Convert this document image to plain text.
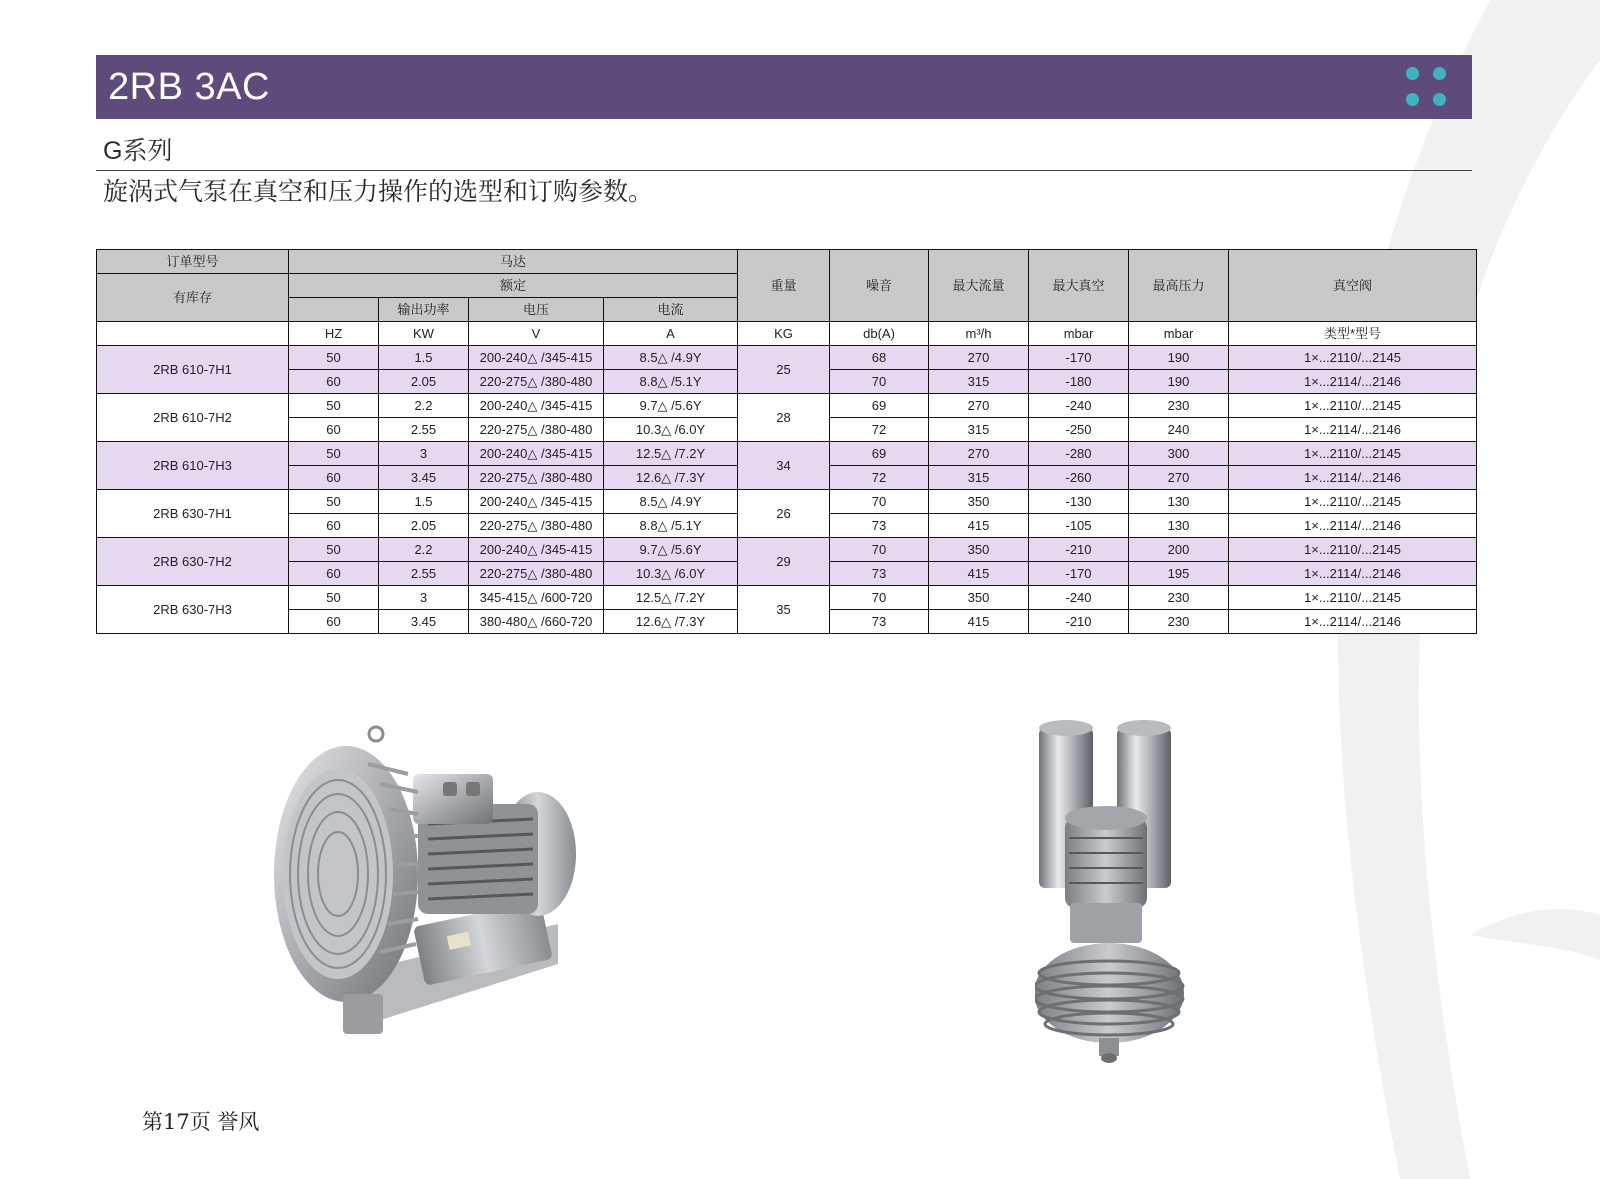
2RB 3AC
G系列
旋涡式气泵在真空和压力操作的选型和订购参数。
订单型号	马达				重量	噪音	最大流量	最大真空	最高压力	真空阀
有库存	额定									
		输出功率	电压	电流						
	HZ	KW	V	A	KG	db(A)	m³/h	mbar	mbar	类型*型号
2RB 610-7H1	50	1.5	200-240△ /345-415	8.5△ /4.9Y	25	68	270	-170	190	1×...2110/...2145
	60	2.05	220-275△ /380-480	8.8△ /5.1Y		70	315	-180	190	1×...2114/...2146
2RB 610-7H2	50	2.2	200-240△ /345-415	9.7△ /5.6Y	28	69	270	-240	230	1×...2110/...2145
	60	2.55	220-275△ /380-480	10.3△ /6.0Y		72	315	-250	240	1×...2114/...2146
2RB 610-7H3	50	3	200-240△ /345-415	12.5△ /7.2Y	34	69	270	-280	300	1×...2110/...2145
	60	3.45	220-275△ /380-480	12.6△ /7.3Y		72	315	-260	270	1×...2114/...2146
2RB 630-7H1	50	1.5	200-240△ /345-415	8.5△ /4.9Y	26	70	350	-130	130	1×...2110/...2145
	60	2.05	220-275△ /380-480	8.8△ /5.1Y		73	415	-105	130	1×...2114/...2146
2RB 630-7H2	50	2.2	200-240△ /345-415	9.7△ /5.6Y	29	70	350	-210	200	1×...2110/...2145
	60	2.55	220-275△ /380-480	10.3△ /6.0Y		73	415	-170	195	1×...2114/...2146
2RB 630-7H3	50	3	345-415△ /600-720	12.5△ /7.2Y	35	70	350	-240	230	1×...2110/...2145
	60	3.45	380-480△ /660-720	12.6△ /7.3Y		73	415	-210	230	1×...2114/...2146
第17页 誉风
